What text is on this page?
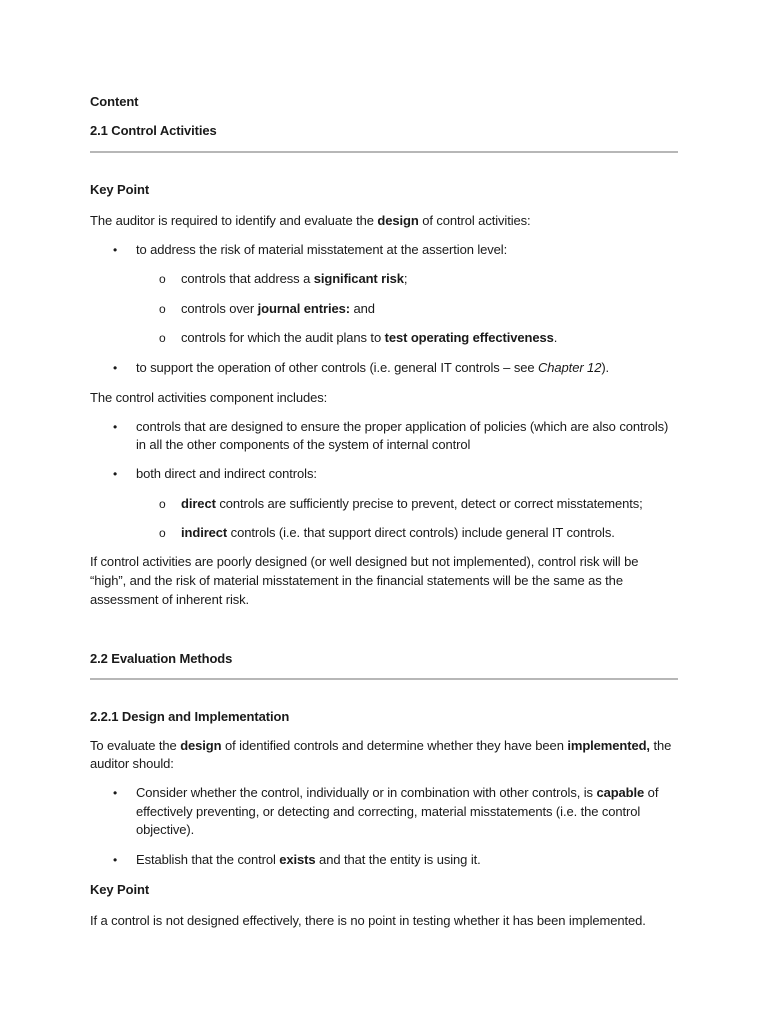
Content
2.1 Control Activities
Key Point
The auditor is required to identify and evaluate the design of control activities:
• to address the risk of material misstatement at the assertion level:
o controls that address a significant risk;
o controls over journal entries: and
o controls for which the audit plans to test operating effectiveness.
• to support the operation of other controls (i.e. general IT controls – see Chapter 12).
The control activities component includes:
• controls that are designed to ensure the proper application of policies (which are also controls)
in all the other components of the system of internal control
• both direct and indirect controls:
o direct controls are sufficiently precise to prevent, detect or correct misstatements;
o indirect controls (i.e. that support direct controls) include general IT controls.
If control activities are poorly designed (or well designed but not implemented), control risk will be
“high”, and the risk of material misstatement in the financial statements will be the same as the
assessment of inherent risk.
2.2 Evaluation Methods
2.2.1 Design and Implementation
To evaluate the design of identified controls and determine whether they have been implemented, the
auditor should:
• Consider whether the control, individually or in combination with other controls, is capable of
effectively preventing, or detecting and correcting, material misstatements (i.e. the control
objective).
• Establish that the control exists and that the entity is using it.
Key Point
If a control is not designed effectively, there is no point in testing whether it has been implemented.
